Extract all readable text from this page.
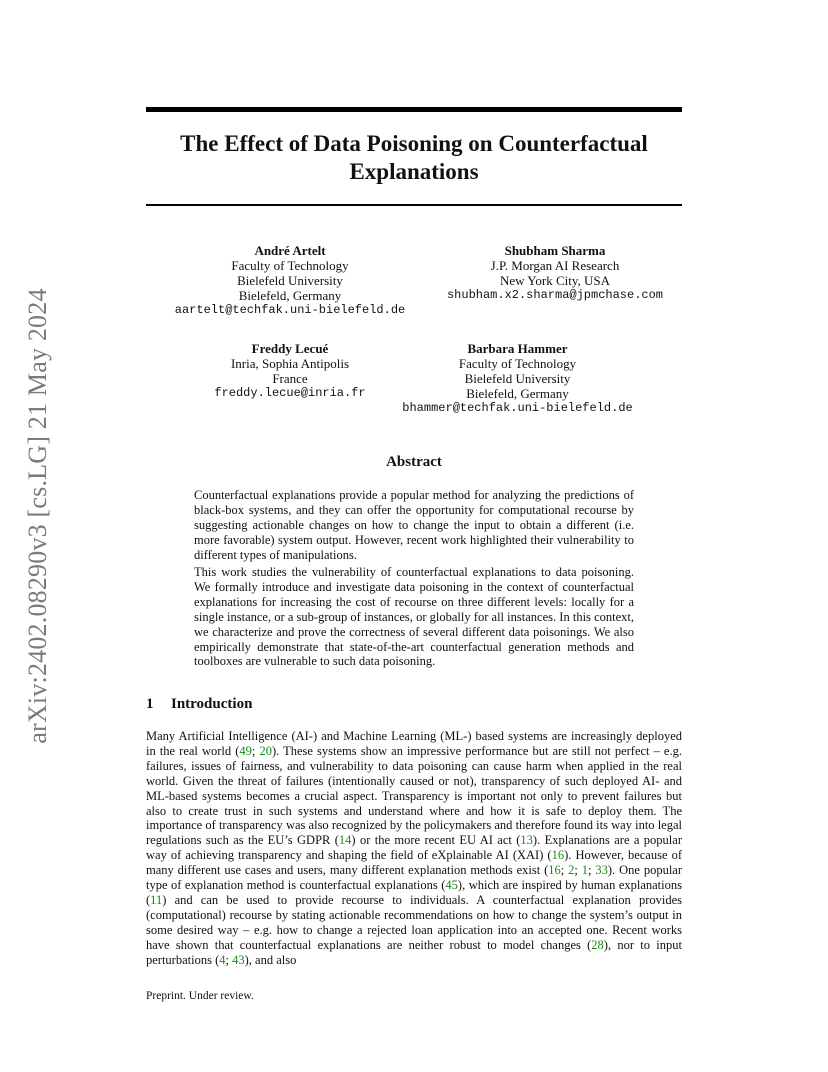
arXiv:2402.08290v3 [cs.LG] 21 May 2024
The Effect of Data Poisoning on Counterfactual Explanations
André Artelt
Faculty of Technology
Bielefeld University
Bielefeld, Germany
aartelt@techfak.uni-bielefeld.de
Shubham Sharma
J.P. Morgan AI Research
New York City, USA
shubham.x2.sharma@jpmchase.com
Freddy Lecué
Inria, Sophia Antipolis
France
freddy.lecue@inria.fr
Barbara Hammer
Faculty of Technology
Bielefeld University
Bielefeld, Germany
bhammer@techfak.uni-bielefeld.de
Abstract

Counterfactual explanations provide a popular method for analyzing the predictions of black-box systems, and they can offer the opportunity for computational recourse by suggesting actionable changes on how to change the input to obtain a different (i.e. more favorable) system output. However, recent work highlighted their vulnerability to different types of manipulations.

This work studies the vulnerability of counterfactual explanations to data poisoning. We formally introduce and investigate data poisoning in the context of counterfactual explanations for increasing the cost of recourse on three different levels: locally for a single instance, or a sub-group of instances, or globally for all instances. In this context, we characterize and prove the correctness of several different data poisonings. We also empirically demonstrate that state-of-the-art counterfactual generation methods and toolboxes are vulnerable to such data poisoning.

1 Introduction

Many Artificial Intelligence (AI-) and Machine Learning (ML-) based systems are increasingly deployed in the real world (49; 20). These systems show an impressive performance but are still not perfect – e.g. failures, issues of fairness, and vulnerability to data poisoning can cause harm when applied in the real world. Given the threat of failures (intentionally caused or not), transparency of such deployed AI- and ML-based systems becomes a crucial aspect. Transparency is important not only to prevent failures but also to create trust in such systems and understand where and how it is safe to deploy them. The importance of transparency was also recognized by the policymakers and therefore found its way into legal regulations such as the EU’s GDPR (14) or the more recent EU AI act (13). Explanations are a popular way of achieving transparency and shaping the field of eXplainable AI (XAI) (16). However, because of many different use cases and users, many different explanation methods exist (16; 2; 1; 33). One popular type of explanation method is counterfactual explanations (45), which are inspired by human explanations (11) and can be used to provide recourse to individuals. A counterfactual explanation provides (computational) recourse by stating actionable recommendations on how to change the system’s output in some desired way – e.g. how to change a rejected loan application into an accepted one. Recent works have shown that counterfactual explanations are neither robust to model changes (28), nor to input perturbations (4; 43), and also

Preprint. Under review.
